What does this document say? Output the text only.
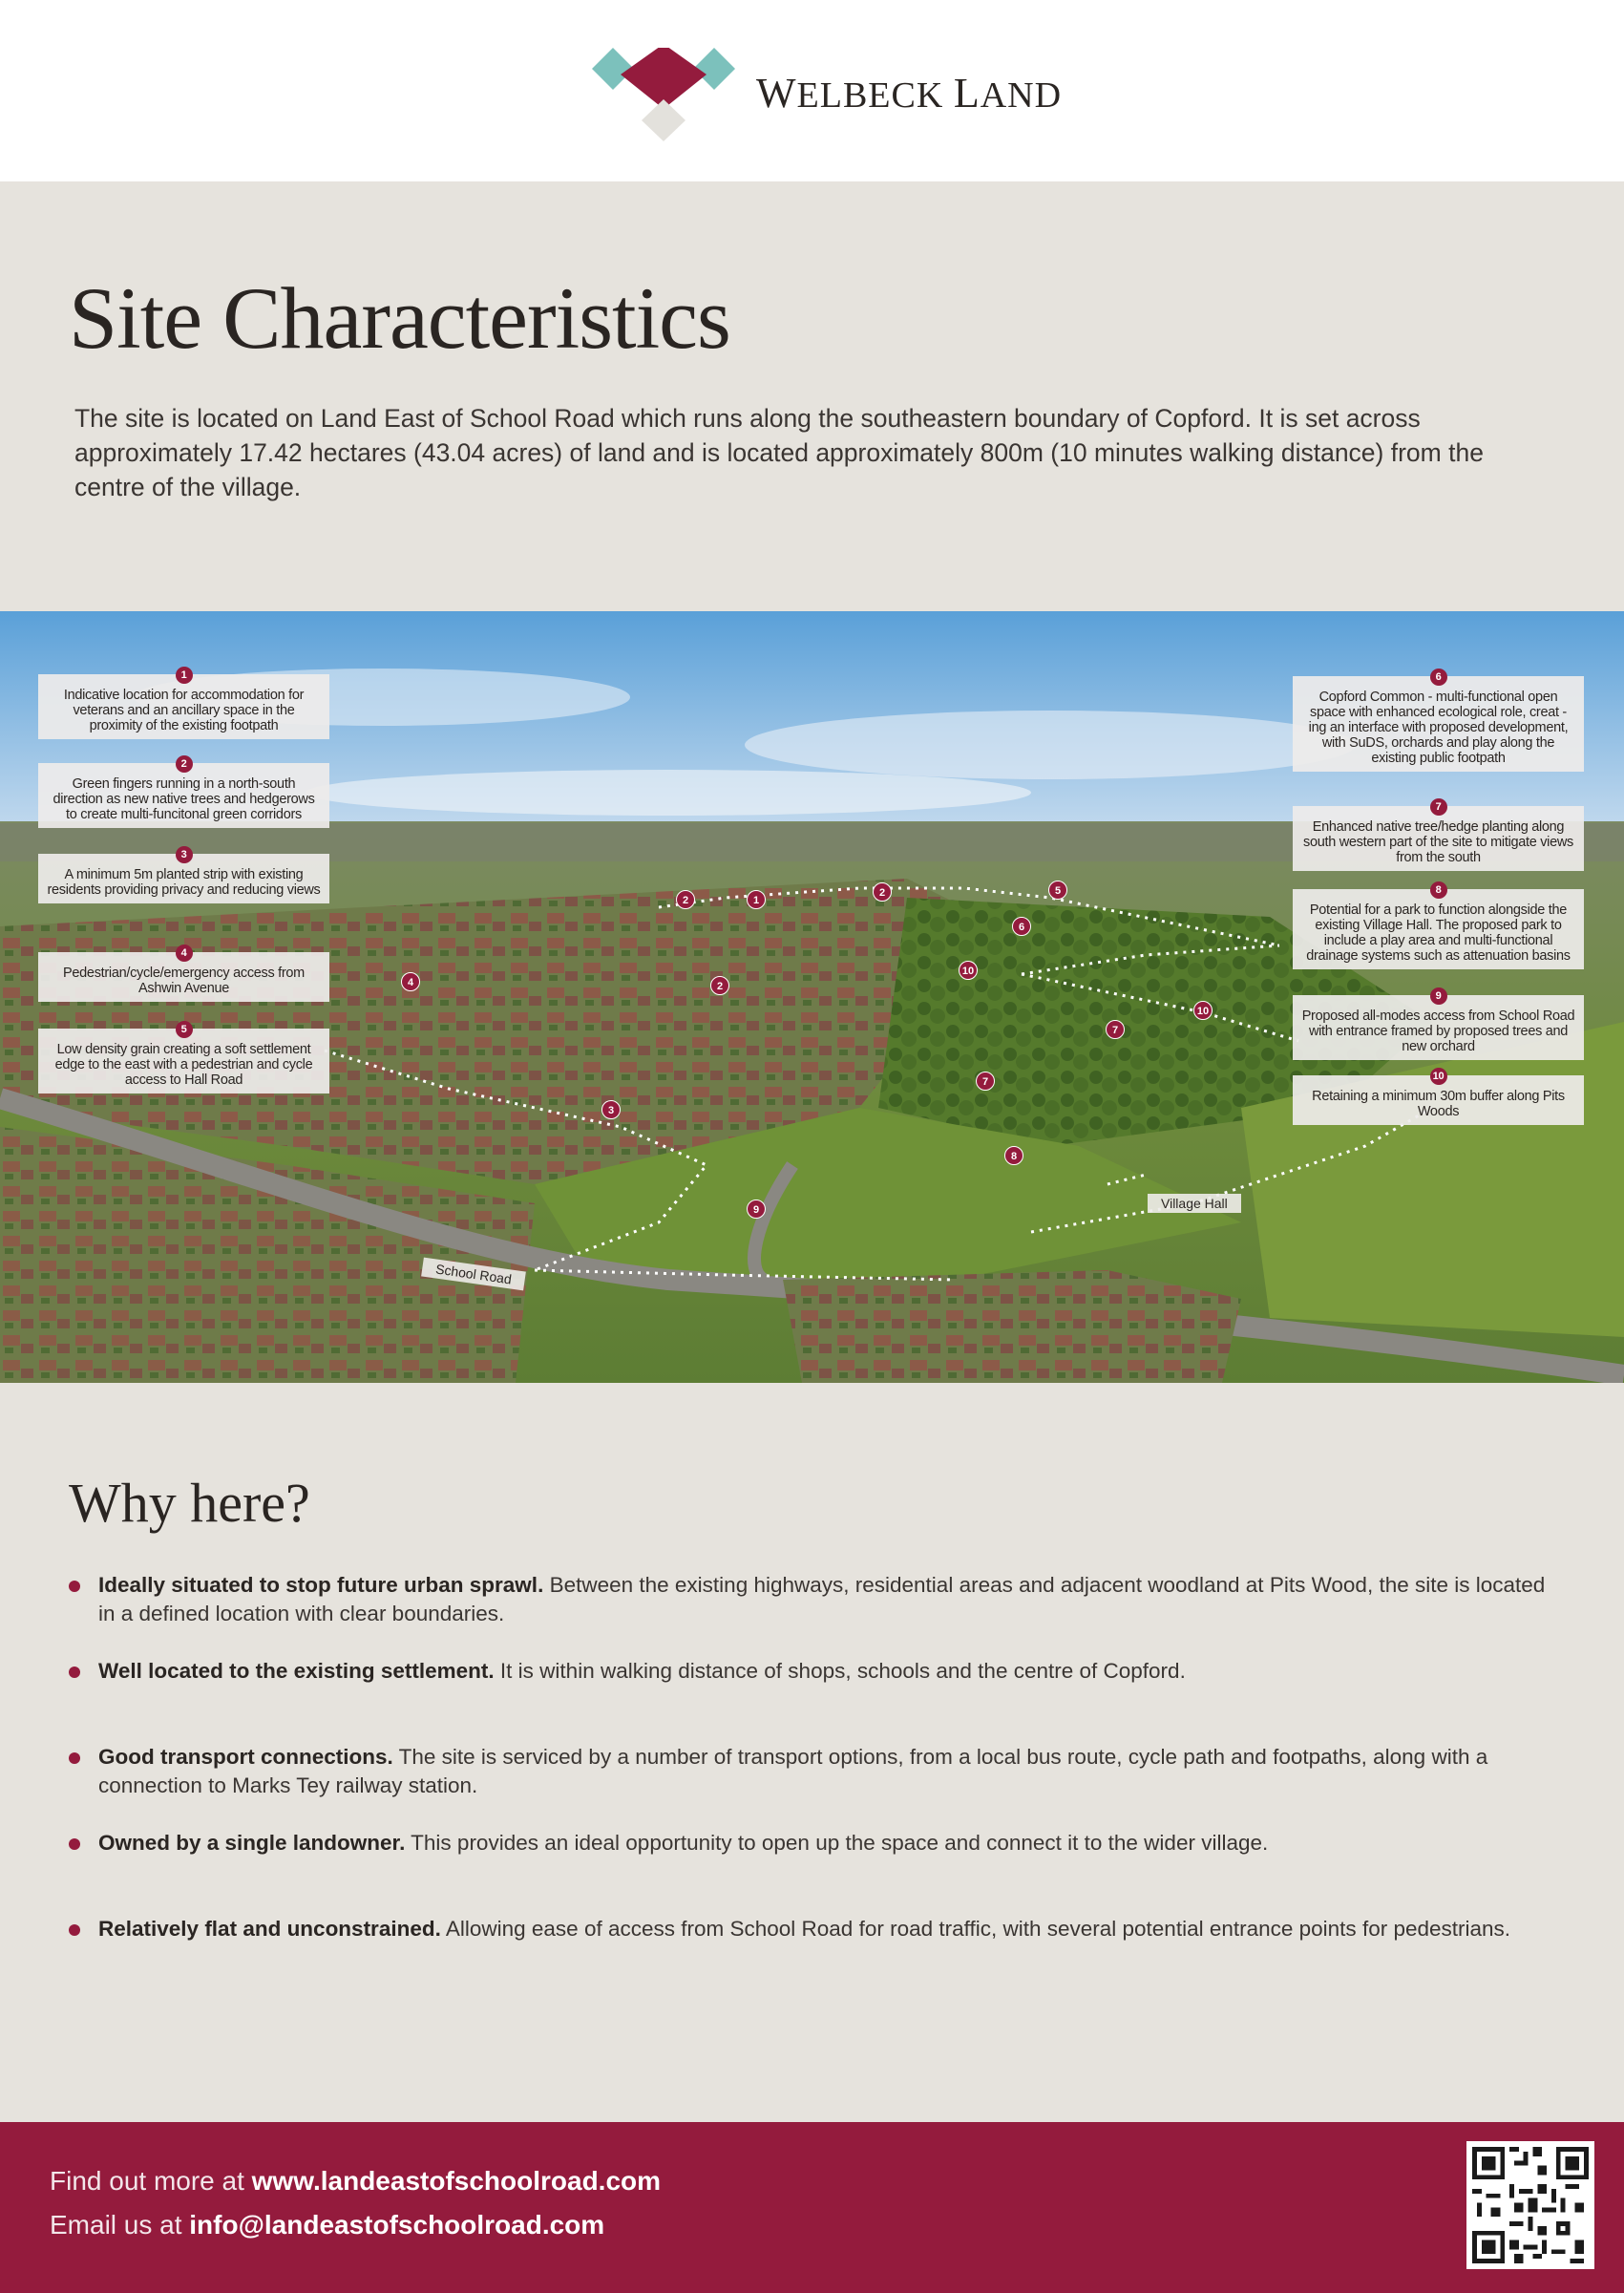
WELBECK LAND
Site Characteristics

The site is located on Land East of School Road which runs along the southeastern boundary of Copford. It is set across approximately 17.42 hectares (43.04 acres) of land and is located approximately 800m (10 minutes walking distance) from the centre of the village.

1
Indicative location for accommodation for veterans and an ancillary space in the proximity of the existing footpath
2
Green fingers running in a north-south direction as new native trees and hedgerows to create multi-funcitonal green corridors
3
A minimum 5m planted strip with existing residents providing privacy and reducing views
4
Pedestrian/cycle/emergency access from Ashwin Avenue
5
Low density grain creating a soft settlement edge to the east with a pedestrian and cycle access to Hall Road
6
Copford Common - multi-functional open space with enhanced ecological role, creat - ing an interface with proposed development, with SuDS, orchards and play along the existing public footpath
7
Enhanced native tree/hedge planting along south western part of the site to mitigate views from the south
8
Potential for a park to function alongside the existing Village Hall. The proposed park to include a play area and multi-functional drainage systems such as attenuation basins
9
Proposed all-modes access from School Road with entrance framed by proposed trees and new orchard
10
Retaining a minimum 30m buffer along Pits Woods
2	1
2	5
6
4	2
10
10
7
7
3
8
9
School Road
Village Hall
Why here?
Ideally situated to stop future urban sprawl. Between the existing highways, residential areas and adjacent woodland at Pits Wood, the site is located in a defined location with clear boundaries.
Well located to the existing settlement. It is within walking distance of shops, schools and the centre of Copford.
Good transport connections. The site is serviced by a number of transport options, from a local bus route, cycle path and footpaths, along with a connection to Marks Tey railway station.
Owned by a single landowner. This provides an ideal opportunity to open up the space and connect it to the wider village.
Relatively flat and unconstrained. Allowing ease of access from School Road for road traffic, with several potential entrance points for pedestrians.
Find out more at www.landeastofschoolroad.com
Email us at info@landeastofschoolroad.com
